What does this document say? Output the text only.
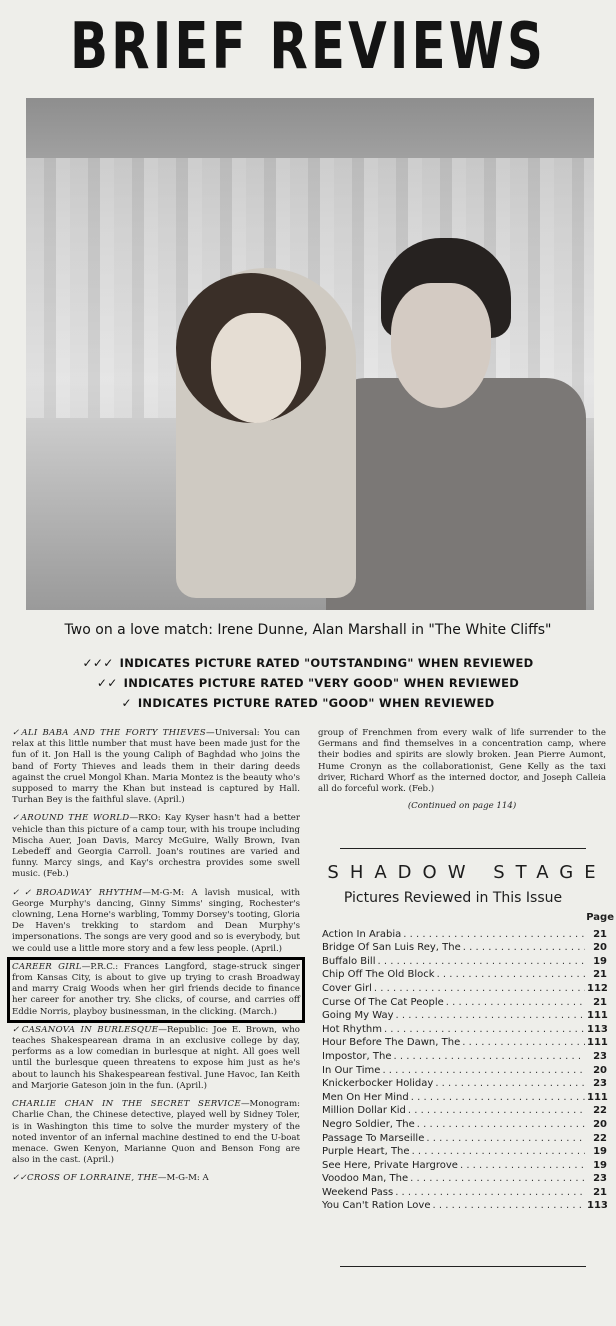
BRIEF REVIEWS
Two on a love match: Irene Dunne, Alan Marshall in "The White Cliffs"
✓✓✓ INDICATES PICTURE RATED "OUTSTANDING" WHEN REVIEWED
✓✓ INDICATES PICTURE RATED "VERY GOOD" WHEN REVIEWED
✓ INDICATES PICTURE RATED "GOOD" WHEN REVIEWED
✓ALI BABA AND THE FORTY THIEVES—Universal: You can relax at this little number that must have been made just for the fun of it. Jon Hall is the young Caliph of Baghdad who joins the band of Forty Thieves and leads them in their daring deeds against the cruel Mongol Khan. Maria Montez is the beauty who's supposed to marry the Khan but instead is captured by Hall. Turhan Bey is the faithful slave. (April.)
✓AROUND THE WORLD—RKO: Kay Kyser hasn't had a better vehicle than this picture of a camp tour, with his troupe including Mischa Auer, Joan Davis, Marcy McGuire, Wally Brown, Ivan Lebedeff and Georgia Carroll. Joan's routines are varied and funny. Marcy sings, and Kay's orchestra provides some swell music. (Feb.)
✓✓BROADWAY RHYTHM—M-G-M: A lavish musical, with George Murphy's dancing, Ginny Simms' singing, Rochester's clowning, Lena Horne's warbling, Tommy Dorsey's tooting, Gloria De Haven's trekking to stardom and Dean Murphy's impersonations. The songs are very good and so is everybody, but we could use a little more story and a few less people. (April.)
CAREER GIRL—P.R.C.: Frances Langford, stage-struck singer from Kansas City, is about to give up trying to crash Broadway and marry Craig Woods when her girl friends decide to finance her career for another try. She clicks, of course, and carries off Eddie Norris, playboy businessman, in the clicking. (March.)
✓CASANOVA IN BURLESQUE—Republic: Joe E. Brown, who teaches Shakespearean drama in an exclusive college by day, performs as a low comedian in burlesque at night. All goes well until the burlesque queen threatens to expose him just as he's about to launch his Shakespearean festival. June Havoc, Ian Keith and Marjorie Gateson join in the fun. (April.)
CHARLIE CHAN IN THE SECRET SERVICE—Monogram: Charlie Chan, the Chinese detective, played well by Sidney Toler, is in Washington this time to solve the murder mystery of the noted inventor of an infernal machine destined to end the U-boat menace. Gwen Kenyon, Marianne Quon and Benson Fong are also in the cast. (April.)
✓✓CROSS OF LORRAINE, THE—M-G-M: A
group of Frenchmen from every walk of life surrender to the Germans and find themselves in a concentration camp, where their bodies and spirits are slowly broken. Jean Pierre Aumont, Hume Cronyn as the collaborationist, Gene Kelly as the taxi driver, Richard Whorf as the interned doctor, and Joseph Calleia all do forceful work. (Feb.)
(Continued on page 114)
SHADOW STAGE
Pictures Reviewed in This Issue
Page
Action In Arabia . . .	21
Bridge Of San Luis Rey, The . . .	20
Buffalo Bill . . .	19
Chip Off The Old Block . . .	21
Cover Girl . . .	112
Curse Of The Cat People . . .	21
Going My Way . . .	111
Hot Rhythm . . .	113
Hour Before The Dawn, The . . .	111
Impostor, The . . .	23
In Our Time . . .	20
Knickerbocker Holiday . . .	23
Men On Her Mind . . .	111
Million Dollar Kid . . .	22
Negro Soldier, The . . .	20
Passage To Marseille . . .	22
Purple Heart, The . . .	19
See Here, Private Hargrove . . .	19
Voodoo Man, The . . .	23
Weekend Pass . . .	21
You Can't Ration Love . . .	113
